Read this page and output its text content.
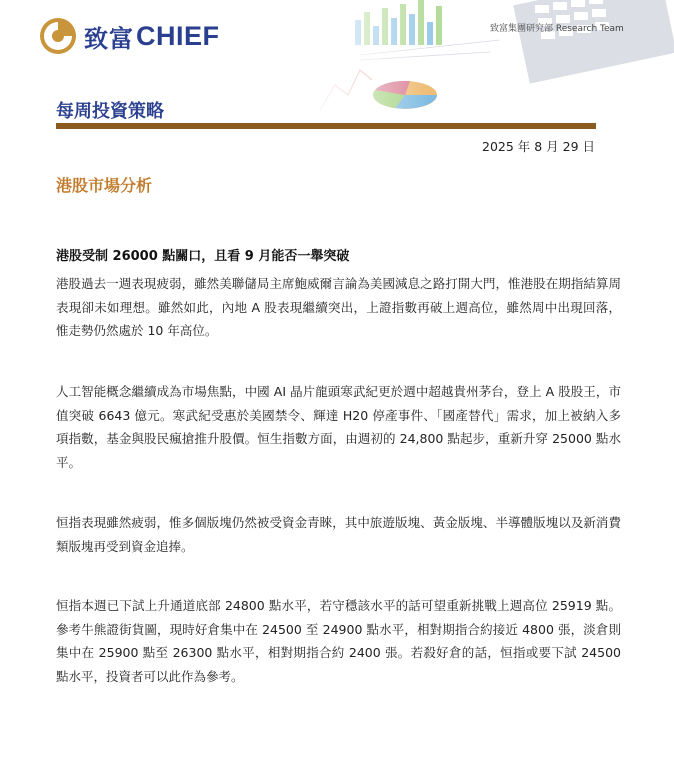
致富 CHIEF	致富集團研究部 Research Team
每周投資策略
2025 年 8 月 29 日
港股市場分析
港股受制 26000 點關口，且看 9 月能否一舉突破

港股過去一週表現疲弱，雖然美聯儲局主席鮑威爾言論為美國減息之路打開大門，惟港股在期指結算周表現卻未如理想。雖然如此，內地 A 股表現繼續突出，上證指數再破上週高位，雖然周中出現回落，惟走勢仍然處於 10 年高位。

人工智能概念繼續成為市場焦點，中國 AI 晶片龍頭寒武紀更於週中超越貴州茅台，登上 A 股股王，市值突破 6643 億元。寒武紀受惠於美國禁令、輝達 H20 停產事件、「國產替代」需求，加上被納入多項指數，基金與股民瘋搶推升股價。恒生指數方面，由週初的 24,800 點起步，重新升穿 25000 點水平。

恒指表現雖然疲弱，惟多個版塊仍然被受資金青睞，其中旅遊版塊、黃金版塊、半導體版塊以及新消費類版塊再受到資金追捧。

恒指本週已下試上升通道底部 24800 點水平，若守穩該水平的話可望重新挑戰上週高位 25919 點。參考牛熊證街貨圖，現時好倉集中在 24500 至 24900 點水平，相對期指合約接近 4800 張，淡倉則集中在 25900 點至 26300 點水平，相對期指合約 2400 張。若殺好倉的話，恒指或要下試 24500 點水平，投資者可以此作為參考。
